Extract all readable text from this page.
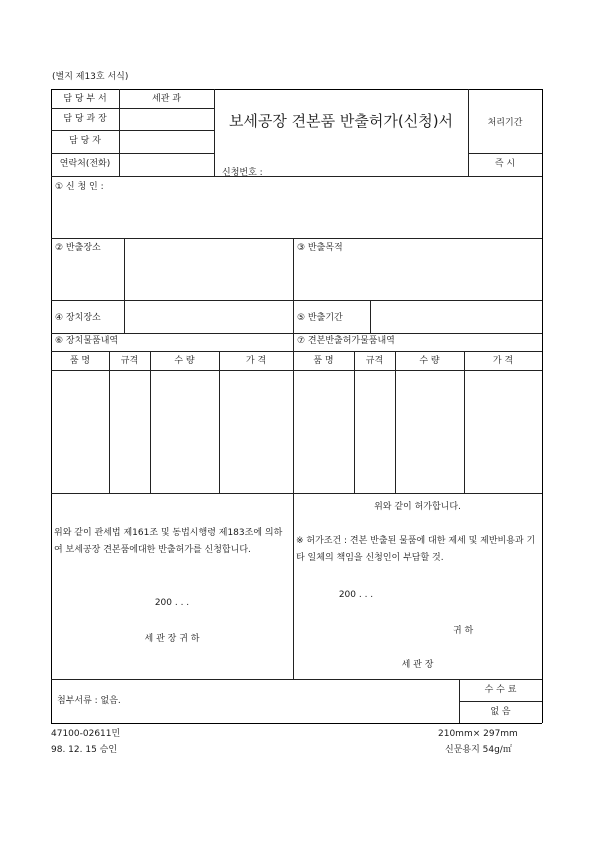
(별지 제13호 서식)
담 당 부 서	세관 과
담 당 과 장
담 당 자
연락처(전화)
보세공장 견본품 반출허가(신청)서
신청번호 :
처리기간
즉 시
① 신 청 인 :
② 반출장소	③ 반출목적
④ 장치장소	⑤ 반출기간
⑥ 장치물품내역	⑦ 견본반출허가물품내역
품 명	규격	수 량	가 격	품 명	규격	수 량	가 격
위와 같이 관세법 제161조 및 동법시행령 제183조에 의하여 보세공장 견본품에대한 반출허가를 신청합니다.
200 . . .
세 관 장 귀 하
위와 같이 허가합니다.
※ 허가조건 : 견본 반출된 물품에 대한 제세 및 제반비용과 기타 일체의 책임을 신청인이 부담할 것.
200 . . .
귀 하
세 관 장
첨부서류 : 없음.
수 수 료
없 음
47100-02611민
98. 12. 15 승인
210mm× 297mm
신문용지 54g/㎡
